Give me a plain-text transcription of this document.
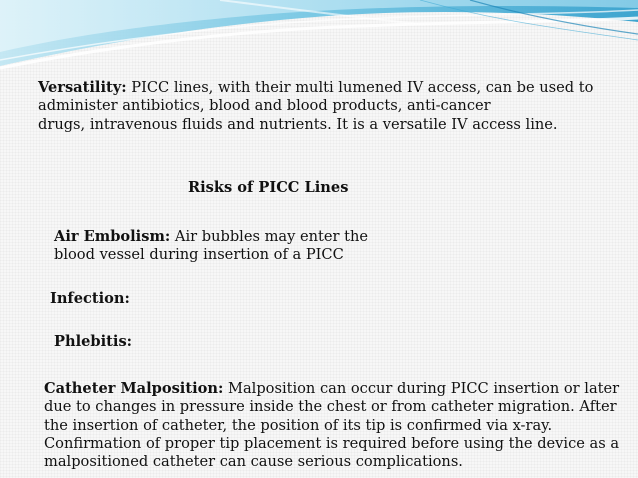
Versatility: PICC lines, with their multi lumened IV access, can be used to
administer antibiotics, blood and blood products, anti-cancer
drugs, intravenous fluids and nutrients. It is a versatile IV access line.
Risks of PICC Lines
Air Embolism: Air bubbles may enter the
blood vessel during insertion of a PICC
Infection:
Phlebitis:
Catheter Malposition: Malposition can occur during PICC insertion or later
due to changes in pressure inside the chest or from catheter migration. After
the insertion of catheter, the position of its tip is confirmed via x-ray.
Confirmation of proper tip placement is required before using the device as a
malpositioned catheter can cause serious complications.
